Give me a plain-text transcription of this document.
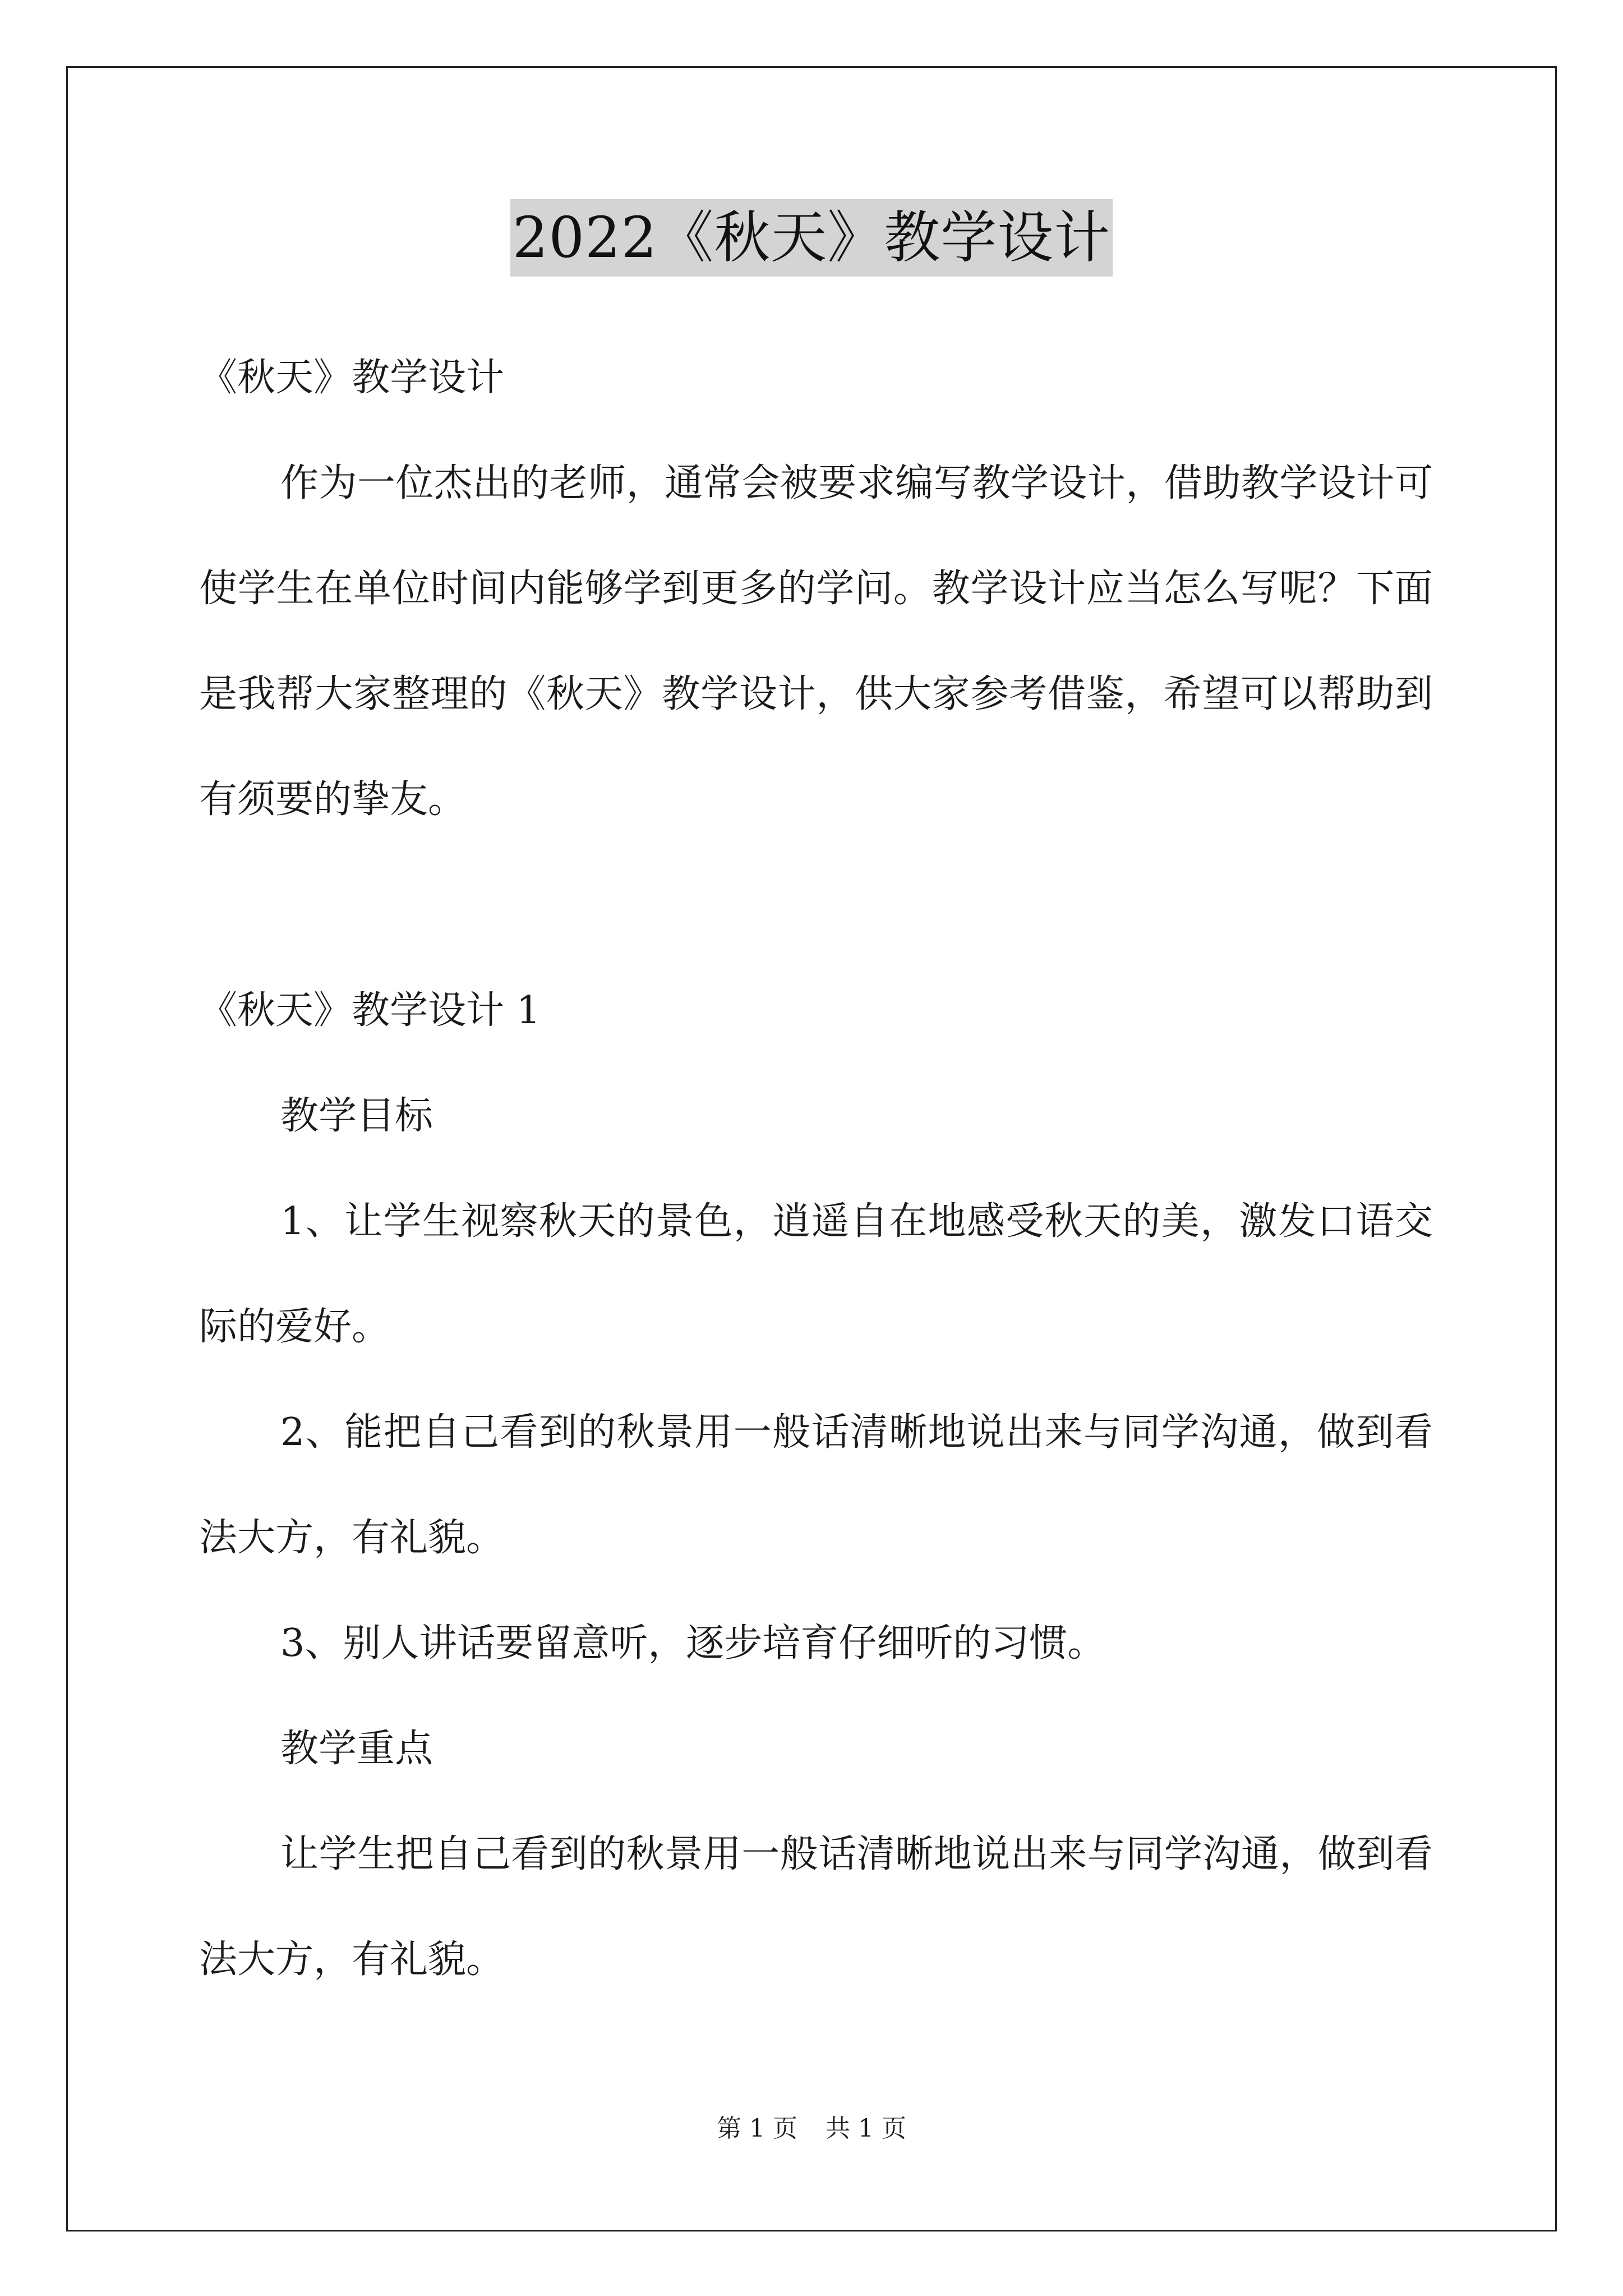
2022《秋天》教学设计

《秋天》教学设计

作为一位杰出的老师，通常会被要求编写教学设计，借助教学设计可使学生在单位时间内能够学到更多的学问。教学设计应当怎么写呢？下面是我帮大家整理的《秋天》教学设计，供大家参考借鉴，希望可以帮助到有须要的挚友。

《秋天》教学设计 1

教学目标

1、让学生视察秋天的景色，逍遥自在地感受秋天的美，激发口语交际的爱好。

2、能把自己看到的秋景用一般话清晰地说出来与同学沟通，做到看法大方，有礼貌。

3、别人讲话要留意听，逐步培育仔细听的习惯。

教学重点

让学生把自己看到的秋景用一般话清晰地说出来与同学沟通，做到看法大方，有礼貌。

第 1 页 共 1 页
